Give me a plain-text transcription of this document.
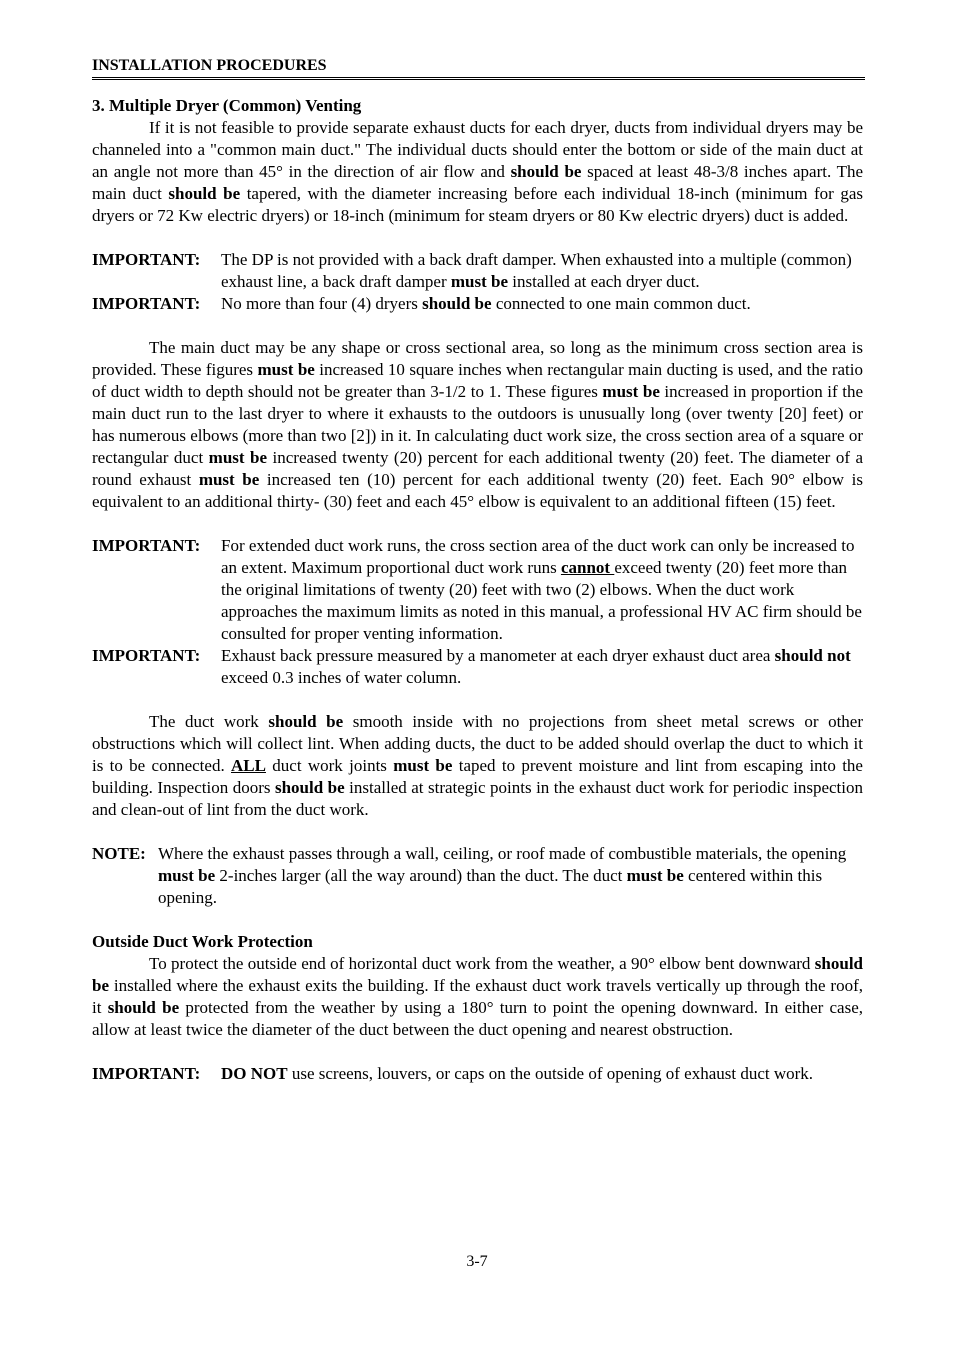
INSTALLATION PROCEDURES
3. Multiple Dryer (Common) Venting

If it is not feasible to provide separate exhaust ducts for each dryer, ducts from individual dryers may be channeled into a "common main duct." The individual ducts should enter the bottom or side of the main duct at an angle not more than 45° in the direction of air flow and should be spaced at least 48-3/8 inches apart. The main duct should be tapered, with the diameter increasing before each individual 18-inch (minimum for gas dryers or 72 Kw electric dryers) or 18-inch (minimum for steam dryers or 80 Kw electric dryers) duct is added.

IMPORTANT: The DP is not provided with a back draft damper. When exhausted into a multiple (common) exhaust line, a back draft damper must be installed at each dryer duct.

IMPORTANT: No more than four (4) dryers should be connected to one main common duct.

The main duct may be any shape or cross sectional area, so long as the minimum cross section area is provided. These figures must be increased 10 square inches when rectangular main ducting is used, and the ratio of duct width to depth should not be greater than 3-1/2 to 1. These figures must be increased in proportion if the main duct run to the last dryer to where it exhausts to the outdoors is unusually long (over twenty [20] feet) or has numerous elbows (more than two [2]) in it. In calculating duct work size, the cross section area of a square or rectangular duct must be increased twenty (20) percent for each additional twenty (20) feet. The diameter of a round exhaust must be increased ten (10) percent for each additional twenty (20) feet. Each 90° elbow is equivalent to an additional thirty- (30) feet and each 45° elbow is equivalent to an additional fifteen (15) feet.

IMPORTANT: For extended duct work runs, the cross section area of the duct work can only be increased to an extent. Maximum proportional duct work runs cannot exceed twenty (20) feet more than the original limitations of twenty (20) feet with two (2) elbows. When the duct work approaches the maximum limits as noted in this manual, a professional HV AC firm should be consulted for proper venting information.

IMPORTANT: Exhaust back pressure measured by a manometer at each dryer exhaust duct area should not exceed 0.3 inches of water column.

The duct work should be smooth inside with no projections from sheet metal screws or other obstructions which will collect lint. When adding ducts, the duct to be added should overlap the duct to which it is to be connected. ALL duct work joints must be taped to prevent moisture and lint from escaping into the building. Inspection doors should be installed at strategic points in the exhaust duct work for periodic inspection and clean-out of lint from the duct work.

NOTE: Where the exhaust passes through a wall, ceiling, or roof made of combustible materials, the opening must be 2-inches larger (all the way around) than the duct. The duct must be centered within this opening.

Outside Duct Work Protection

To protect the outside end of horizontal duct work from the weather, a 90° elbow bent downward should be installed where the exhaust exits the building. If the exhaust duct work travels vertically up through the roof, it should be protected from the weather by using a 180° turn to point the opening downward. In either case, allow at least twice the diameter of the duct between the duct opening and nearest obstruction.

IMPORTANT: DO NOT use screens, louvers, or caps on the outside of opening of exhaust duct work.

3-7
